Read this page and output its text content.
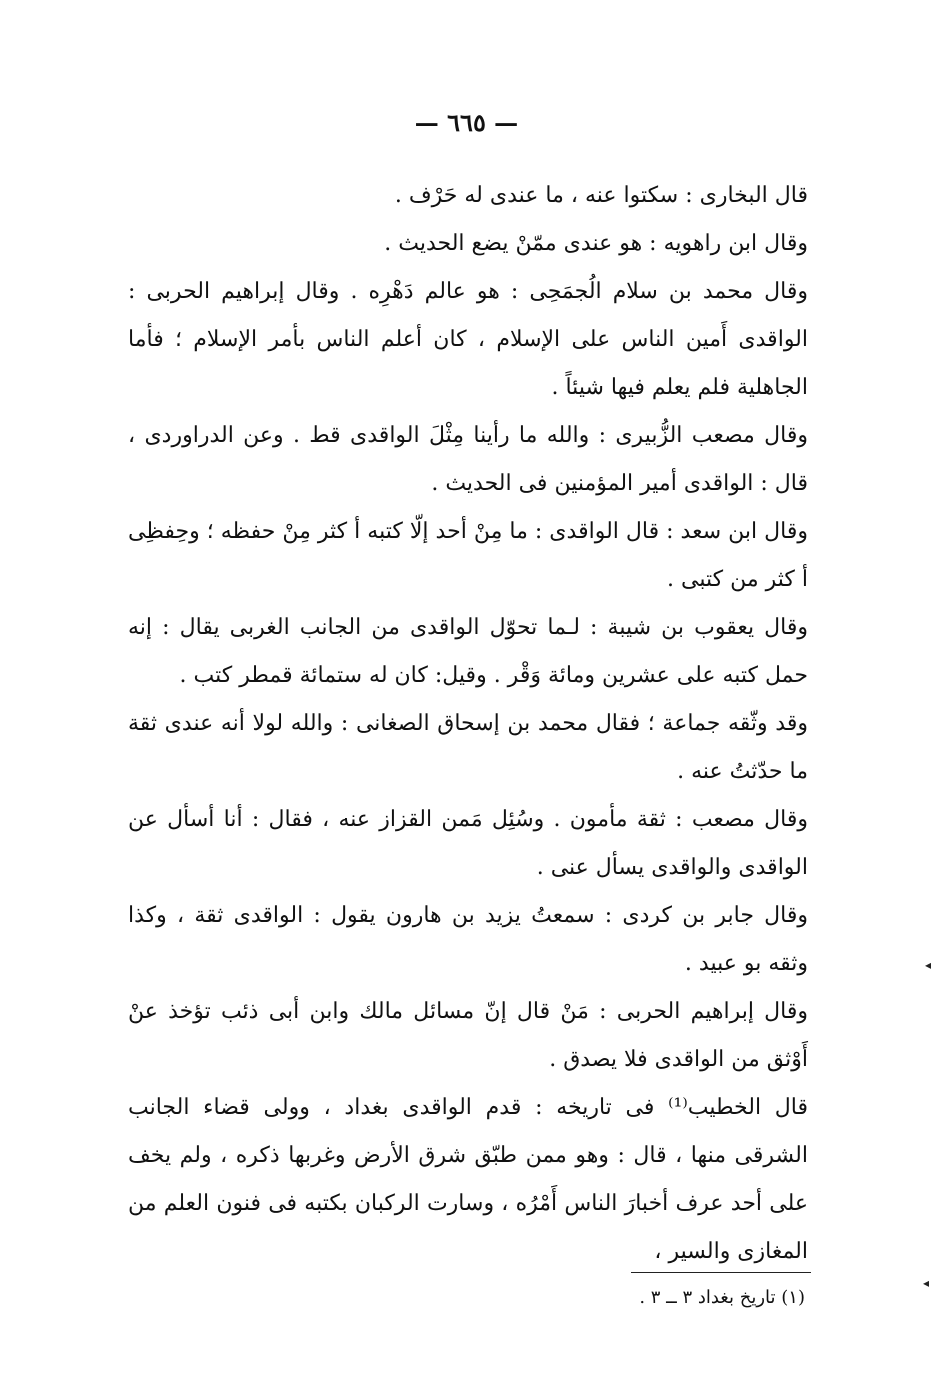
— ٦٦٥ —

قال البخارى : سكتوا عنه ، ما عندى له حَرْف .

وقال ابن راهويه : هو عندى ممّنْ يضع الحديث .

وقال محمد بن سلام الُجمَحِى : هو عالم دَهْرِه . وقال إبراهيم الحربى : الواقدى أَمين الناس على الإسلام ، كان أعلم الناس بأمر الإسلام ؛ فأما الجاهلية فلم يعلم فيها شيئاً .

وقال مصعب الزُّبيرى : والله ما رأينا مِثْلَ الواقدى قط . وعن الدراوردى ، قال : الواقدى أمير المؤمنين فى الحديث .

وقال ابن سعد : قال الواقدى : ما مِنْ أحد إلّا كتبه أ كثر مِنْ حفظه ؛ وحِفظِى أ كثر من كتبى .

وقال يعقوب بن شيبة : لـما تحوّل الواقدى من الجانب الغربى يقال : إنه حمل كتبه على عشرين ومائة وَقْر . وقيل: كان له ستمائة قمطر كتب .

وقد وثّقه جماعة ؛ فقال محمد بن إسحاق الصغانى : والله لولا أنه عندى ثقة ما حدّثتُ عنه .

وقال مصعب : ثقة مأمون . وسُئِل مَمن القزاز عنه ، فقال : أنا أسأل عن الواقدى والواقدى يسأل عنى .

وقال جابر بن كردى : سمعتُ يزيد بن هارون يقول : الواقدى ثقة ، وكذا وثقه بو عبيد .

وقال إبراهيم الحربى : مَنْ قال إنّ مسائل مالك وابن أبى ذئب تؤخذ عنْ أَوْثق من الواقدى فلا يصدق .

قال الخطيب⁽¹⁾ فى تاريخه : قدم الواقدى بغداد ، وولى قضاء الجانب الشرقى منها ، قال : وهو ممن طبّق شرق الأرض وغربها ذكره ، ولم يخف على أحد عرف أخبارَ الناس أَمْرُه ، وسارت الركبان بكتبه فى فنون العلم من المغازى والسير ،

(١) تاريخ بغداد ٣ ــ ٣ .
◂
◂
